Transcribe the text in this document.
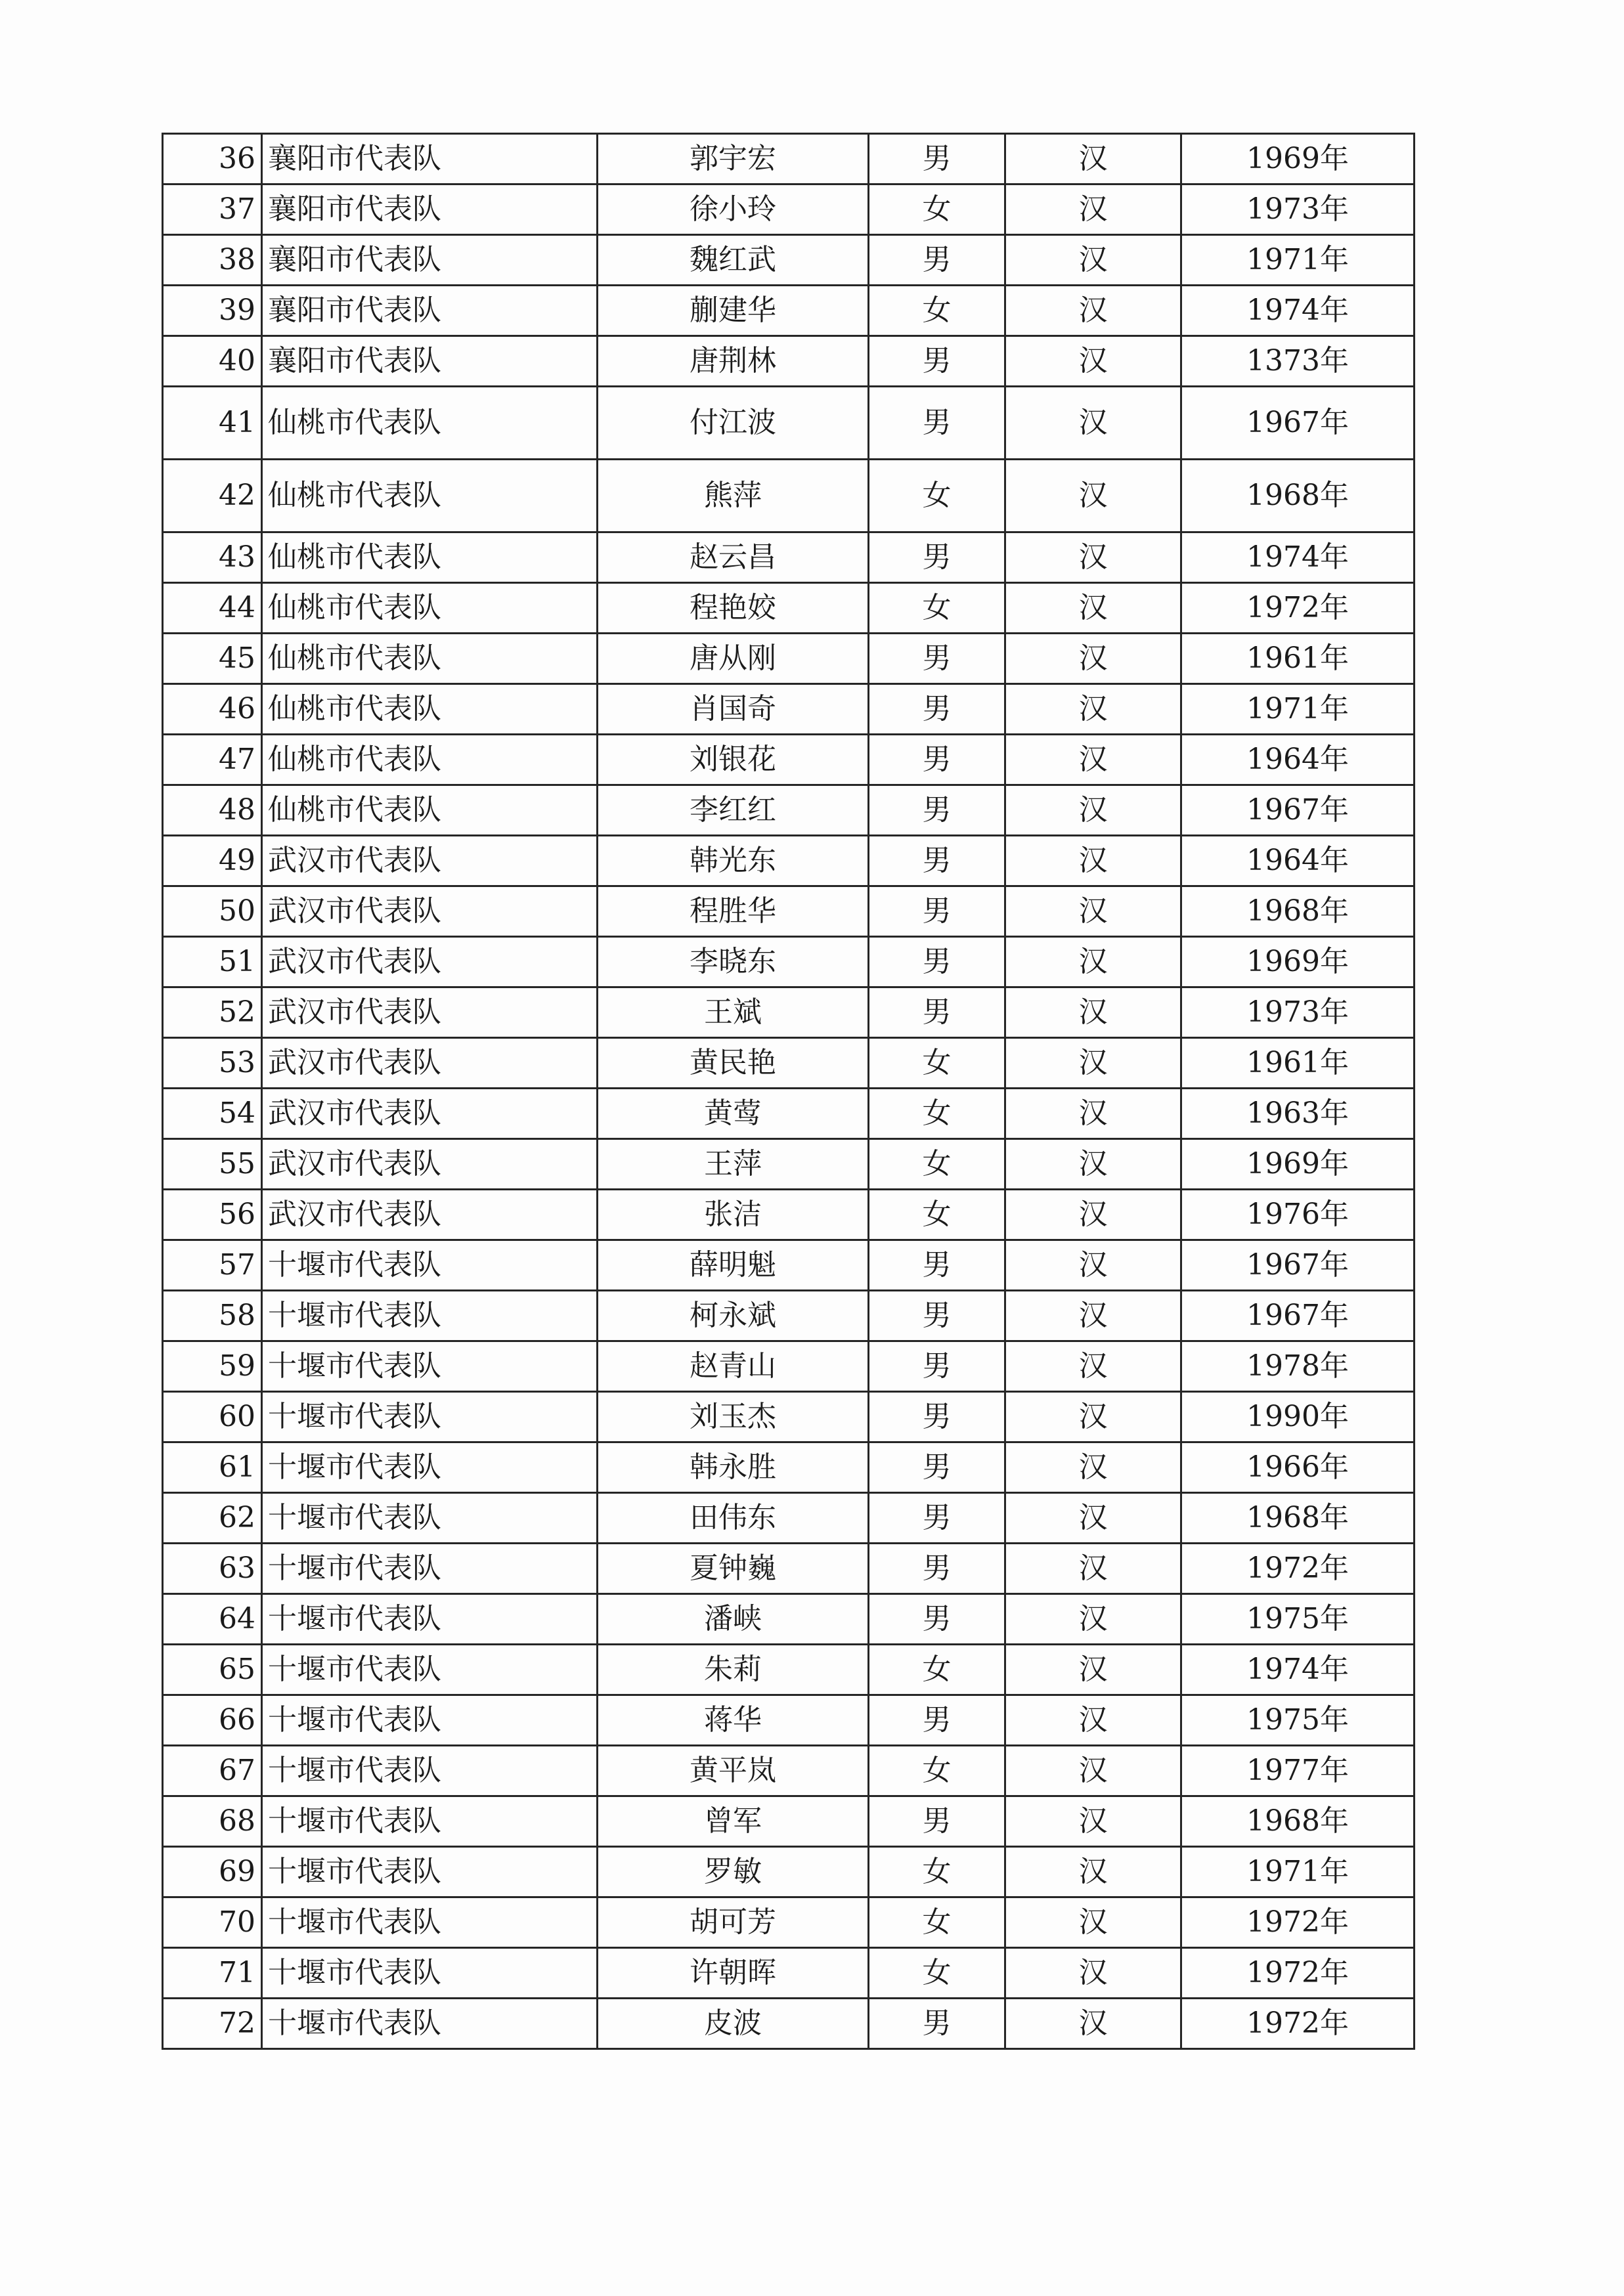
36	襄阳市代表队	郭宇宏	男	汉	1969年
37	襄阳市代表队	徐小玲	女	汉	1973年
38	襄阳市代表队	魏红武	男	汉	1971年
39	襄阳市代表队	蒯建华	女	汉	1974年
40	襄阳市代表队	唐荆林	男	汉	1373年
41	仙桃市代表队	付江波	男	汉	1967年
42	仙桃市代表队	熊萍	女	汉	1968年
43	仙桃市代表队	赵云昌	男	汉	1974年
44	仙桃市代表队	程艳姣	女	汉	1972年
45	仙桃市代表队	唐从刚	男	汉	1961年
46	仙桃市代表队	肖国奇	男	汉	1971年
47	仙桃市代表队	刘银花	男	汉	1964年
48	仙桃市代表队	李红红	男	汉	1967年
49	武汉市代表队	韩光东	男	汉	1964年
50	武汉市代表队	程胜华	男	汉	1968年
51	武汉市代表队	李晓东	男	汉	1969年
52	武汉市代表队	王斌	男	汉	1973年
53	武汉市代表队	黄民艳	女	汉	1961年
54	武汉市代表队	黄莺	女	汉	1963年
55	武汉市代表队	王萍	女	汉	1969年
56	武汉市代表队	张洁	女	汉	1976年
57	十堰市代表队	薛明魁	男	汉	1967年
58	十堰市代表队	柯永斌	男	汉	1967年
59	十堰市代表队	赵青山	男	汉	1978年
60	十堰市代表队	刘玉杰	男	汉	1990年
61	十堰市代表队	韩永胜	男	汉	1966年
62	十堰市代表队	田伟东	男	汉	1968年
63	十堰市代表队	夏钟巍	男	汉	1972年
64	十堰市代表队	潘峡	男	汉	1975年
65	十堰市代表队	朱莉	女	汉	1974年
66	十堰市代表队	蒋华	男	汉	1975年
67	十堰市代表队	黄平岚	女	汉	1977年
68	十堰市代表队	曾军	男	汉	1968年
69	十堰市代表队	罗敏	女	汉	1971年
70	十堰市代表队	胡可芳	女	汉	1972年
71	十堰市代表队	许朝晖	女	汉	1972年
72	十堰市代表队	皮波	男	汉	1972年
